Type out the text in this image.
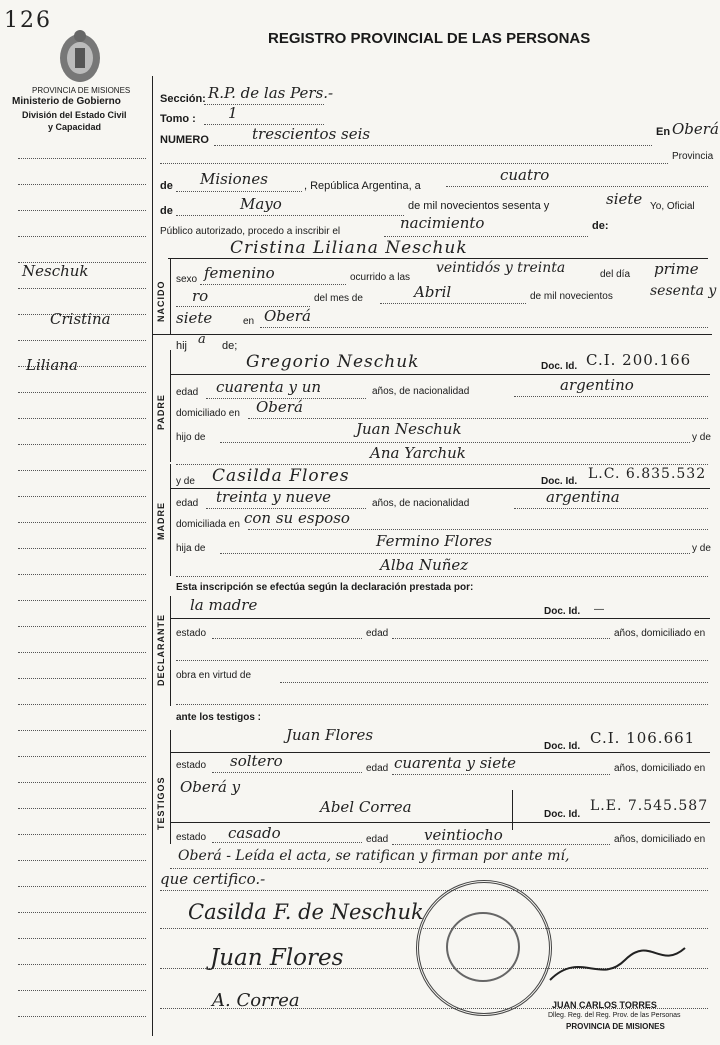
126
REGISTRO PROVINCIAL DE LAS PERSONAS
PROVINCIA DE MISIONES
Ministerio de Gobierno
División del Estado Civil
y Capacidad
Neschuk
Cristina
Liliana
Sección: R.P. de las Pers.-
Tomo : 1
NUMERO	trescientos seis	En Oberá
Provincia
de Misiones	, República Argentina, a
cuatro
de	Mayo	de mil novecientos sesenta y	siete Yo, Oficial
Público autorizado, procedo a inscribir el	nacimiento	de:
Cristina Liliana Neschuk
NACIDO
sexo femenino	ocurrido a las
veintidós y treinta	del día prime
ro	del mes de	Abril	de mil novecientos	sesenta y
siete	en Oberá
hij a de;
PADRE
Gregorio Neschuk	Doc. Id. C.I. 200.166
edad cuarenta y un	años, de nacionalidad	argentino
domiciliado en Oberá
hijo de	Juan Neschuk	y de
Ana Yarchuk
MADRE
y de Casilda Flores	Doc. Id. L.C. 6.835.532
edad treinta y nueve	años, de nacionalidad	argentina
domiciliada en con su esposo
hija de	Fermino Flores	y de
Alba Nuñez
Esta inscripción se efectúa según la declaración prestada por:
DECLARANTE
la madre	Doc. Id. —
estado	edad	años, domiciliado en
obra en virtud de
ante los testigos :
TESTIGOS
Juan Flores
Doc. Id. C.I. 106.661
estado soltero	edad cuarenta y siete	años, domiciliado en
Oberá y
Abel Correa	Doc. Id.
L.E. 7.545.587
estado casado	edad veintiocho	años, domiciliado en
Oberá - Leída el acta, se ratifican y firman por ante mí,
que certifico.-
Casilda F. de Neschuk
Juan Flores
A. Correa	JUAN CARLOS TORRES
Dlleg. Reg. del Reg. Prov. de las Personas
PROVINCIA DE MISIONES
